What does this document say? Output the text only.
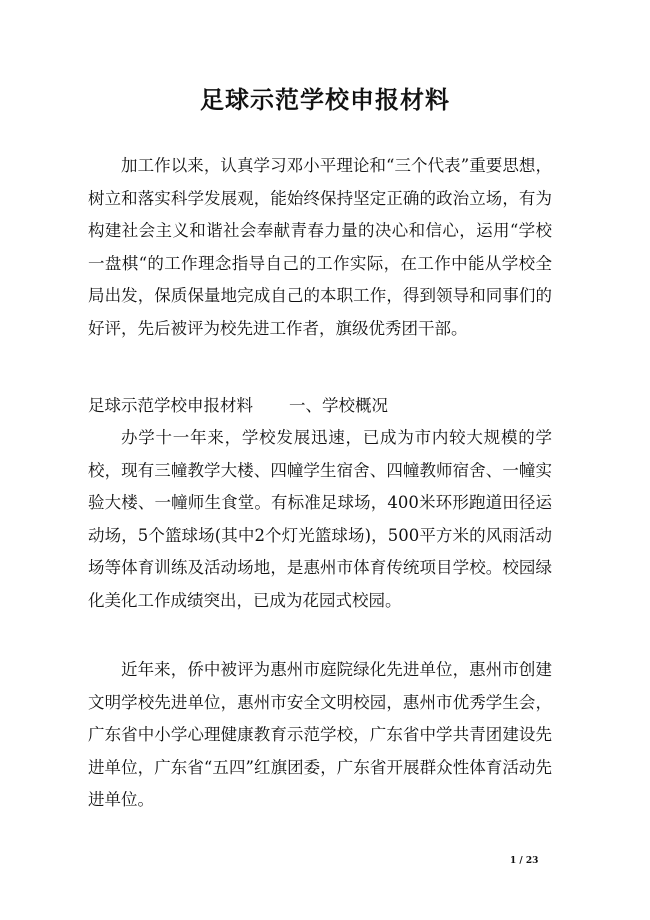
足球示范学校申报材料

加工作以来，认真学习邓小平理论和“三个代表”重要思想，树立和落实科学发展观，能始终保持坚定正确的政治立场，有为构建社会主义和谐社会奉献青春力量的决心和信心，运用“学校一盘棋“的工作理念指导自己的工作实际，在工作中能从学校全局出发，保质保量地完成自己的本职工作，得到领导和同事们的好评，先后被评为校先进工作者，旗级优秀团干部。

足球示范学校申报材料 一、学校概况

办学十一年来，学校发展迅速，已成为市内较大规模的学校，现有三幢教学大楼、四幢学生宿舍、四幢教师宿舍、一幢实验大楼、一幢师生食堂。有标准足球场，400米环形跑道田径运动场，5个篮球场(其中2个灯光篮球场)，500平方米的风雨活动场等体育训练及活动场地，是惠州市体育传统项目学校。校园绿化美化工作成绩突出，已成为花园式校园。

近年来，侨中被评为惠州市庭院绿化先进单位，惠州市创建文明学校先进单位，惠州市安全文明校园，惠州市优秀学生会，广东省中小学心理健康教育示范学校，广东省中学共青团建设先进单位，广东省“五四”红旗团委，广东省开展群众性体育活动先进单位。

1 / 23
